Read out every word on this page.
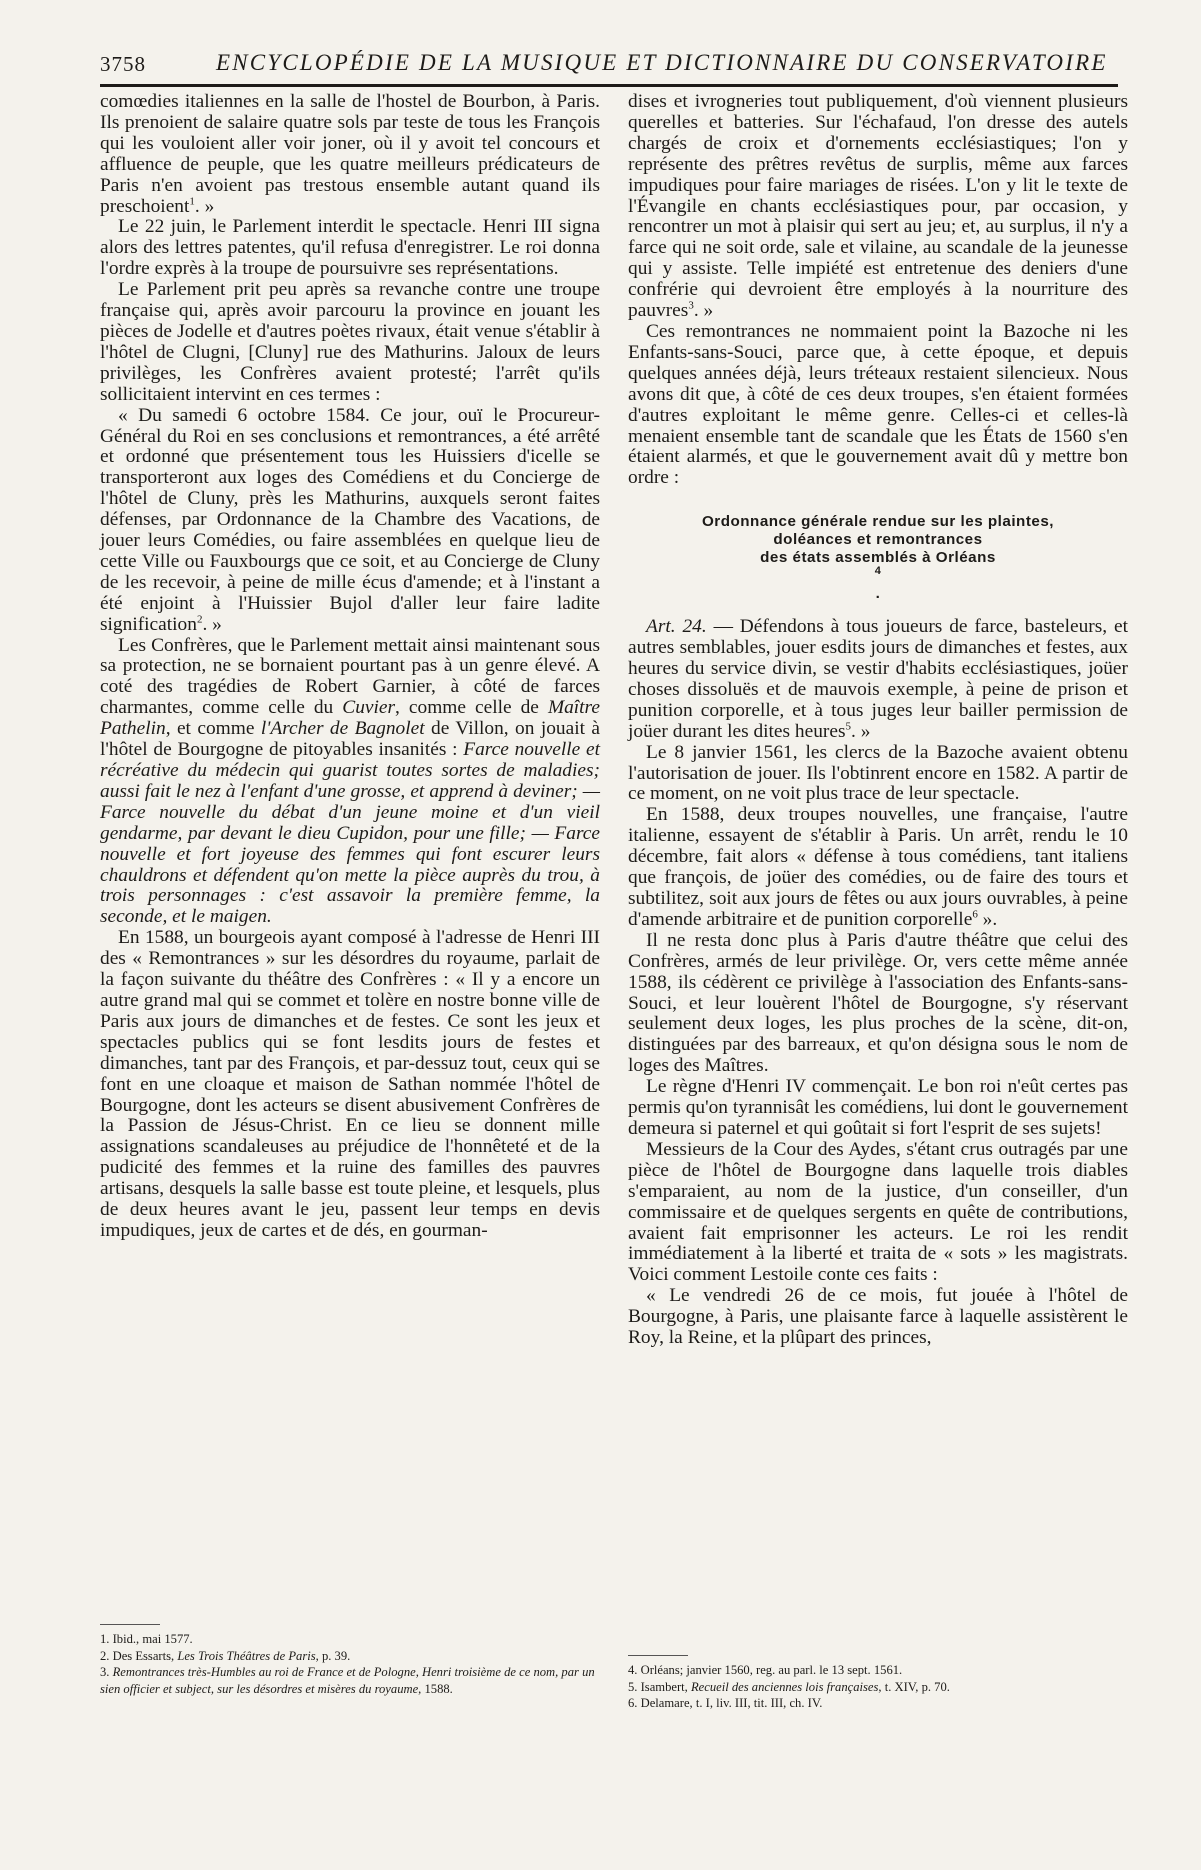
3758	ENCYCLOPÉDIE DE LA MUSIQUE ET DICTIONNAIRE DU CONSERVATOIRE

comœdies italiennes en la salle de l'hostel de Bourbon, à Paris. Ils prenoient de salaire quatre sols par teste de tous les François qui les vouloient aller voir joner, où il y avoit tel concours et affluence de peuple, que les quatre meilleurs prédicateurs de Paris n'en avoient pas trestous ensemble autant quand ils preschoient$^1$. »

Le 22 juin, le Parlement interdit le spectacle. Henri III signa alors des lettres patentes, qu'il refusa d'enregistrer. Le roi donna l'ordre exprès à la troupe de poursuivre ses représentations.

Le Parlement prit peu après sa revanche contre une troupe française qui, après avoir parcouru la province en jouant les pièces de Jodelle et d'autres poètes rivaux, était venue s'établir à l'hôtel de Clugni, [Cluny] rue des Mathurins. Jaloux de leurs privilèges, les Confrères avaient protesté; l'arrêt qu'ils sollicitaient intervint en ces termes :

« Du samedi 6 octobre 1584. Ce jour, ouï le Procureur-Général du Roi en ses conclusions et remontrances, a été arrêté et ordonné que présentement tous les Huissiers d'icelle se transporteront aux loges des Comédiens et du Concierge de l'hôtel de Cluny, près les Mathurins, auxquels seront faites défenses, par Ordonnance de la Chambre des Vacations, de jouer leurs Comédies, ou faire assemblées en quelque lieu de cette Ville ou Fauxbourgs que ce soit, et au Concierge de Cluny de les recevoir, à peine de mille écus d'amende; et à l'instant a été enjoint à l'Huissier Bujol d'aller leur faire ladite signification$^2$. »

Les Confrères, que le Parlement mettait ainsi maintenant sous sa protection, ne se bornaient pourtant pas à un genre élevé. A coté des tragédies de Robert Garnier, à côté de farces charmantes, comme celle du Cuvier, comme celle de Maître Pathelin, et comme l'Archer de Bagnolet de Villon, on jouait à l'hôtel de Bourgogne de pitoyables insanités : Farce nouvelle et récréative du médecin qui guarist toutes sortes de maladies; aussi fait le nez à l'enfant d'une grosse, et apprend à deviner; — Farce nouvelle du débat d'un jeune moine et d'un vieil gendarme, par devant le dieu Cupidon, pour une fille; — Farce nouvelle et fort joyeuse des femmes qui font escurer leurs chauldrons et défendent qu'on mette la pièce auprès du trou, à trois personnages : c'est assavoir la première femme, la seconde, et le maigen.

En 1588, un bourgeois ayant composé à l'adresse de Henri III des « Remontrances » sur les désordres du royaume, parlait de la façon suivante du théâtre des Confrères : « Il y a encore un autre grand mal qui se commet et tolère en nostre bonne ville de Paris aux jours de dimanches et de festes. Ce sont les jeux et spectacles publics qui se font lesdits jours de festes et dimanches, tant par des François, et par-dessuz tout, ceux qui se font en une cloaque et maison de Sathan nommée l'hôtel de Bourgogne, dont les acteurs se disent abusivement Confrères de la Passion de Jésus-Christ. En ce lieu se donnent mille assignations scandaleuses au préjudice de l'honnêteté et de la pudicité des femmes et la ruine des familles des pauvres artisans, desquels la salle basse est toute pleine, et lesquels, plus de deux heures avant le jeu, passent leur temps en devis impudiques, jeux de cartes et de dés, en gourman-

dises et ivrogneries tout publiquement, d'où viennent plusieurs querelles et batteries. Sur l'échafaud, l'on dresse des autels chargés de croix et d'ornements ecclésiastiques; l'on y représente des prêtres revêtus de surplis, même aux farces impudiques pour faire mariages de risées. L'on y lit le texte de l'Évangile en chants ecclésiastiques pour, par occasion, y rencontrer un mot à plaisir qui sert au jeu; et, au surplus, il n'y a farce qui ne soit orde, sale et vilaine, au scandale de la jeunesse qui y assiste. Telle impiété est entretenue des deniers d'une confrérie qui devroient être employés à la nourriture des pauvres$^3$. »

Ces remontrances ne nommaient point la Bazoche ni les Enfants-sans-Souci, parce que, à cette époque, et depuis quelques années déjà, leurs tréteaux restaient silencieux. Nous avons dit que, à côté de ces deux troupes, s'en étaient formées d'autres exploitant le même genre. Celles-ci et celles-là menaient ensemble tant de scandale que les États de 1560 s'en étaient alarmés, et que le gouvernement avait dû y mettre bon ordre :

Ordonnance générale rendue sur les plaintes,
doléances et remontrances
des états assemblés à Orléans
$^4$
.

Art. 24. — Défendons à tous joueurs de farce, basteleurs, et autres semblables, jouer esdits jours de dimanches et festes, aux heures du service divin, se vestir d'habits ecclésiastiques, joüer choses dissoluës et de mauvois exemple, à peine de prison et punition corporelle, et à tous juges leur bailler permission de joüer durant les dites heures$^5$. »

Le 8 janvier 1561, les clercs de la Bazoche avaient obtenu l'autorisation de jouer. Ils l'obtinrent encore en 1582. A partir de ce moment, on ne voit plus trace de leur spectacle.

En 1588, deux troupes nouvelles, une française, l'autre italienne, essayent de s'établir à Paris. Un arrêt, rendu le 10 décembre, fait alors « défense à tous comédiens, tant italiens que françois, de joüer des comédies, ou de faire des tours et subtilitez, soit aux jours de fêtes ou aux jours ouvrables, à peine d'amende arbitraire et de punition corporelle$^6$ ».

Il ne resta donc plus à Paris d'autre théâtre que celui des Confrères, armés de leur privilège. Or, vers cette même année 1588, ils cédèrent ce privilège à l'association des Enfants-sans-Souci, et leur louèrent l'hôtel de Bourgogne, s'y réservant seulement deux loges, les plus proches de la scène, dit-on, distinguées par des barreaux, et qu'on désigna sous le nom de loges des Maîtres.

Le règne d'Henri IV commençait. Le bon roi n'eût certes pas permis qu'on tyrannisât les comédiens, lui dont le gouvernement demeura si paternel et qui goûtait si fort l'esprit de ses sujets!

Messieurs de la Cour des Aydes, s'étant crus outragés par une pièce de l'hôtel de Bourgogne dans laquelle trois diables s'emparaient, au nom de la justice, d'un conseiller, d'un commissaire et de quelques sergents en quête de contributions, avaient fait emprisonner les acteurs. Le roi les rendit immédiatement à la liberté et traita de « sots » les magistrats. Voici comment Lestoile conte ces faits :

« Le vendredi 26 de ce mois, fut jouée à l'hôtel de Bourgogne, à Paris, une plaisante farce à laquelle assistèrent le Roy, la Reine, et la plûpart des princes,

1. Ibid., mai 1577.
2. Des Essarts, Les Trois Théâtres de Paris, p. 39.
3. Remontrances très-Humbles au roi de France et de Pologne, Henri troisième de ce nom, par un sien officier et subject, sur les désordres et misères du royaume, 1588.
4. Orléans; janvier 1560, reg. au parl. le 13 sept. 1561.
5. Isambert, Recueil des anciennes lois françaises, t. XIV, p. 70.
6. Delamare, t. I, liv. III, tit. III, ch. IV.
